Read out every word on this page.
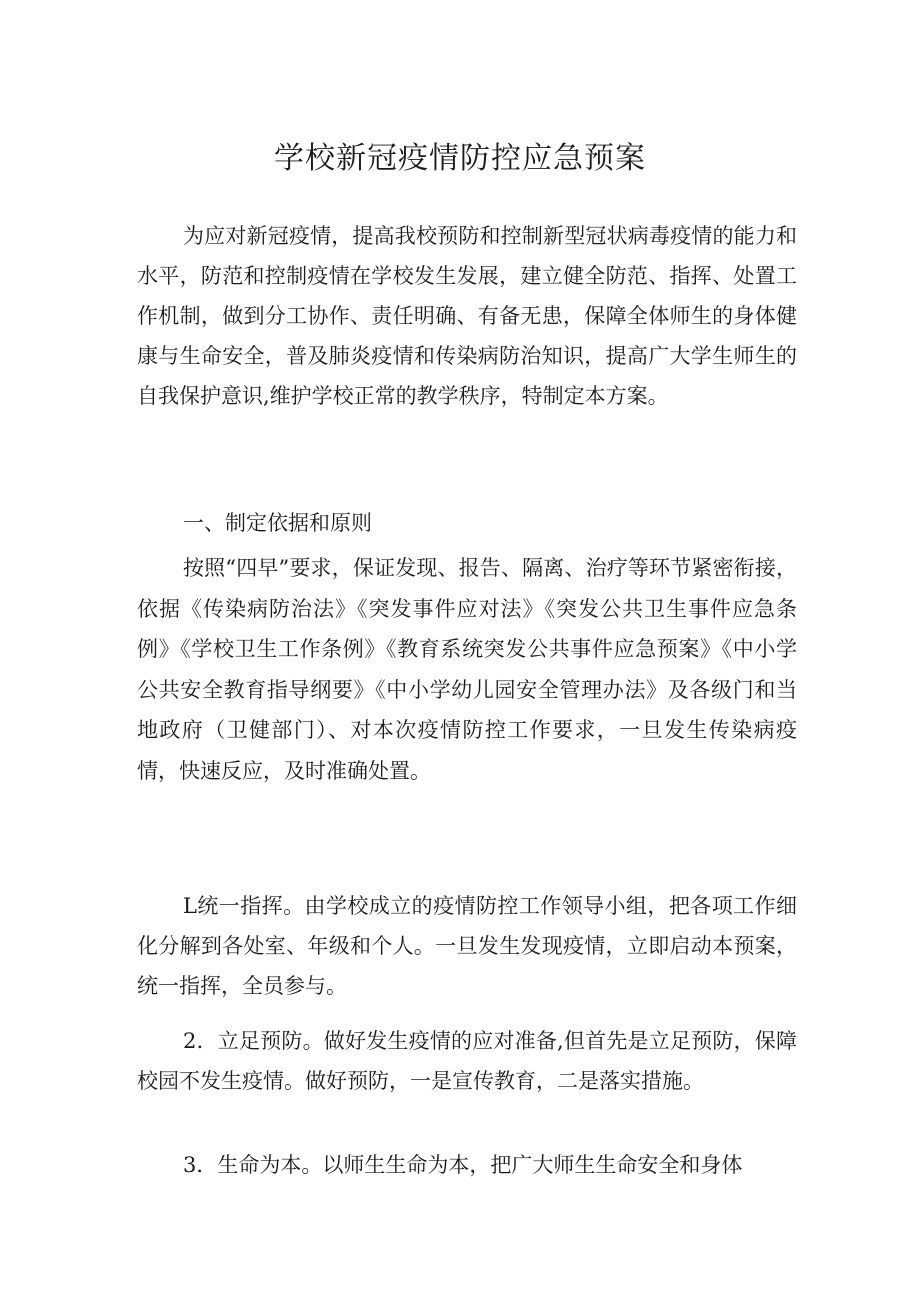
学校新冠疫情防控应急预案

为应对新冠疫情，提高我校预防和控制新型冠状病毒疫情的能力和水平，防范和控制疫情在学校发生发展，建立健全防范、指挥、处置工作机制，做到分工协作、责任明确、有备无患，保障全体师生的身体健康与生命安全，普及肺炎疫情和传染病防治知识，提高广大学生师生的自我保护意识,维护学校正常的教学秩序，特制定本方案。

一、制定依据和原则

按照“四早”要求，保证发现、报告、隔离、治疗等环节紧密衔接，依据《传染病防治法》《突发事件应对法》《突发公共卫生事件应急条例》《学校卫生工作条例》《教育系统突发公共事件应急预案》《中小学公共安全教育指导纲要》《中小学幼儿园安全管理办法》及各级门和当地政府（卫健部门）、对本次疫情防控工作要求，一旦发生传染病疫情，快速反应，及时准确处置。

L统一指挥。由学校成立的疫情防控工作领导小组，把各项工作细化分解到各处室、年级和个人。一旦发生发现疫情，立即启动本预案，统一指挥，全员参与。

2．立足预防。做好发生疫情的应对准备,但首先是立足预防，保障校园不发生疫情。做好预防，一是宣传教育，二是落实措施。

3．生命为本。以师生生命为本，把广大师生生命安全和身体
